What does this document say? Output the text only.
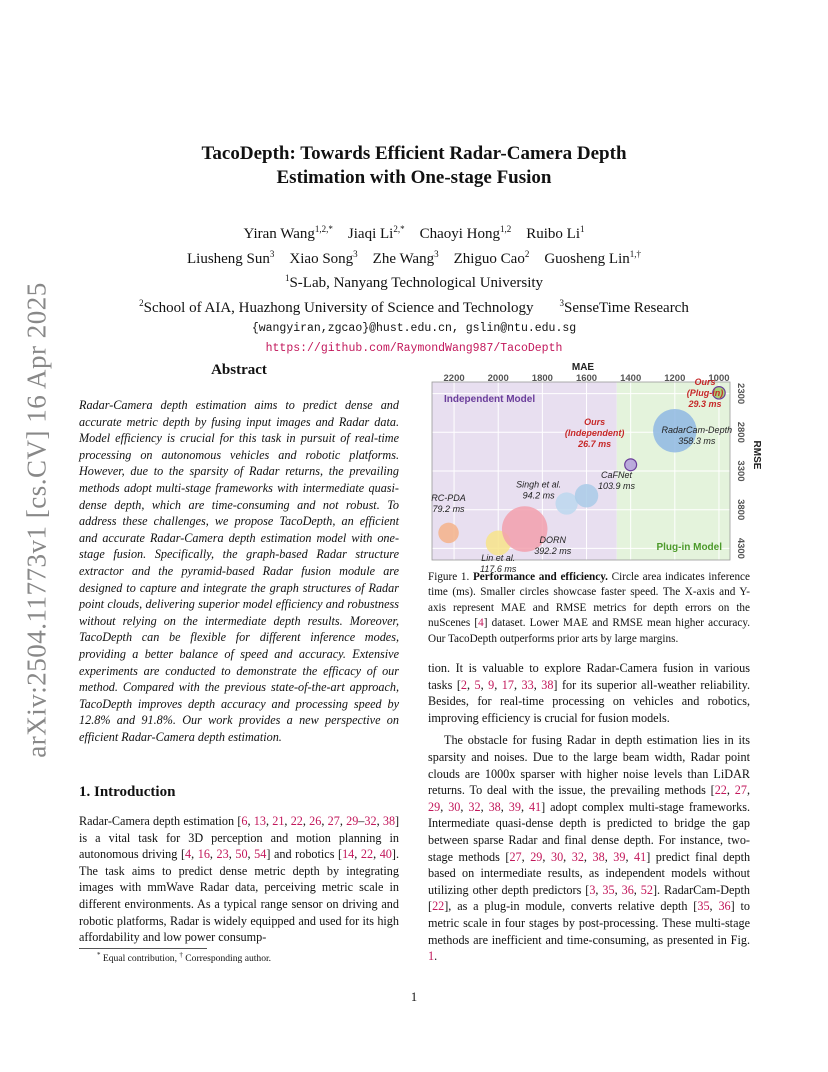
arXiv:2504.11773v1 [cs.CV] 16 Apr 2025
TacoDepth: Towards Efficient Radar-Camera Depth
Estimation with One-stage Fusion
Yiran Wang$^{1,2,*}$  Jiaqi $Li^{2,*}$  Chaoyi Hong$^{1,2}$  Ruibo Li$^1$
Liusheng Sun$^3$  Xiao Song$^3$  Zhe Wang$^3$  Zhiguo Cao$^2$  Guosheng Lin$^{1,\dagger}$
$^1$S-Lab, Nanyang Technological University
$^2$School of AIA, Huazhong University of Science and Technology	$^3$SenseTime Research
{wangyiran,zgcao}@hust.edu.cn, gslin@ntu.edu.sg
https://github.com/RaymondWang987/TacoDepth
Abstract
Radar-Camera depth estimation aims to predict dense and accurate metric depth by fusing input images and Radar data. Model efficiency is crucial for this task in pursuit of real-time processing on autonomous vehicles and robotic platforms. However, due to the sparsity of Radar returns, the prevailing methods adopt multi-stage frameworks with intermediate quasi-dense depth, which are time-consuming and not robust. To address these challenges, we propose TacoDepth, an efficient and accurate Radar-Camera depth estimation model with one-stage fusion. Specifically, the graph-based Radar structure extractor and the pyramid-based Radar fusion module are designed to capture and integrate the graph structures of Radar point clouds, delivering superior model efficiency and robustness without relying on the intermediate depth results. Moreover, TacoDepth can be flexible for different inference modes, providing a better balance of speed and accuracy. Extensive experiments are conducted to demonstrate the efficacy of our method. Compared with the previous state-of-the-art approach, TacoDepth improves depth accuracy and processing speed by 12.8% and 91.8%. Our work provides a new perspective on efficient Radar-Camera depth estimation.
1. Introduction

Radar-Camera depth estimation [6, 13, 21, 22, 26, 27, 29–32, 38] is a vital task for 3D perception and motion planning in autonomous driving [4, 16, 23, 50, 54] and robotics [14, 22, 40]. The task aims to predict dense metric depth by integrating images with mmWave Radar data, perceiving metric scale in different environments. As a typical range sensor on driving and robotic platforms, Radar is widely equipped and used for its high affordability and low power consump-

* Equal contribution, † Corresponding author.
MAE
2200 2000 1800 1600 1400 1200 1000
2300
2800
3300
3800
4300
RMSE
Independent Model
Plug-in Model
RC-PDA
79.2 ms
Lin et al.
117.6 ms
DORN
392.2 ms
Singh et al.
94.2 ms
CaFNet
103.9 ms
Ours
(Independent)
26.7 ms
RadarCam-Depth
358.3 ms
Ours
(Plug-in)
29.3 ms
Figure 1. Performance and efficiency. Circle area indicates inference time (ms). Smaller circles showcase faster speed. The X-axis and Y-axis represent MAE and RMSE metrics for depth errors on the nuScenes [4] dataset. Lower MAE and RMSE mean higher accuracy. Our TacoDepth outperforms prior arts by large margins.

tion. It is valuable to explore Radar-Camera fusion in various tasks [2, 5, 9, 17, 33, 38] for its superior all-weather reliability. Besides, for real-time processing on vehicles and robotics, improving efficiency is crucial for fusion models.

The obstacle for fusing Radar in depth estimation lies in its sparsity and noises. Due to the large beam width, Radar point clouds are 1000x sparser with higher noise levels than LiDAR returns. To deal with the issue, the prevailing methods [22, 27, 29, 30, 32, 38, 39, 41] adopt complex multi-stage frameworks. Intermediate quasi-dense depth is predicted to bridge the gap between sparse Radar and final dense depth. For instance, two-stage methods [27, 29, 30, 32, 38, 39, 41] predict final depth based on intermediate results, as independent models without utilizing other depth predictors [3, 35, 36, 52]. RadarCam-Depth [22], as a plug-in module, converts relative depth [35, 36] to metric scale in four stages by post-processing. These multi-stage methods are inefficient and time-consuming, as presented in Fig. 1.

1
